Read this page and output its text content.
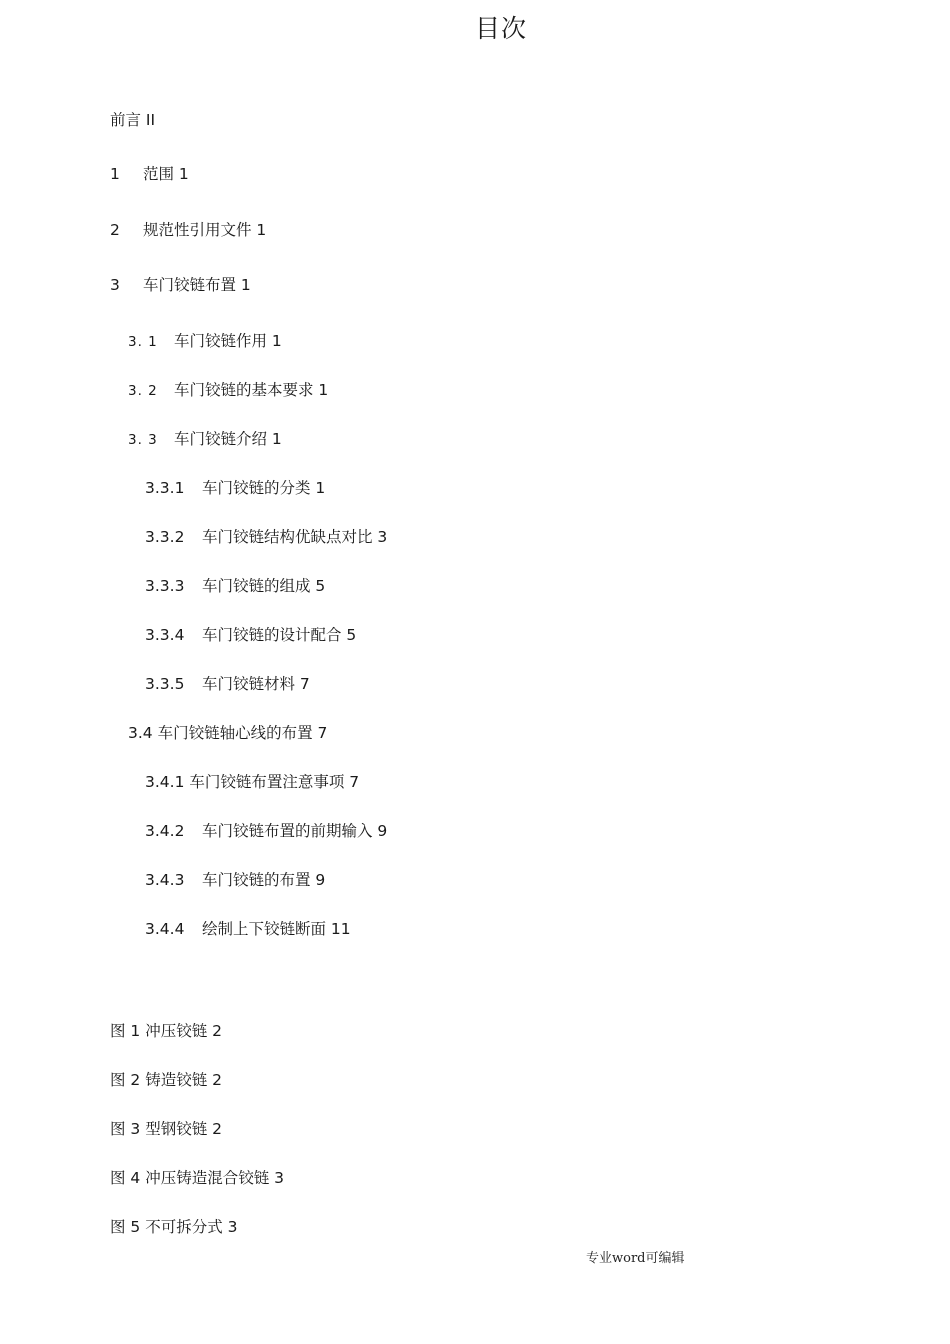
目次
前言 II
1 范围 1
2 规范性引用文件 1
3 车门铰链布置 1
3. 1 车门铰链作用 1
3. 2 车门铰链的基本要求 1
3. 3 车门铰链介绍 1
3.3.1 车门铰链的分类 1
3.3.2 车门铰链结构优缺点对比 3
3.3.3 车门铰链的组成 5
3.3.4 车门铰链的设计配合 5
3.3.5 车门铰链材料 7
3.4 车门铰链轴心线的布置 7
3.4.1 车门铰链布置注意事项 7
3.4.2 车门铰链布置的前期输入 9
3.4.3 车门铰链的布置 9
3.4.4 绘制上下铰链断面 11
图 1 冲压铰链 2
图 2 铸造铰链 2
图 3 型钢铰链 2
图 4 冲压铸造混合铰链 3
图 5 不可拆分式 3
专业word可编辑
